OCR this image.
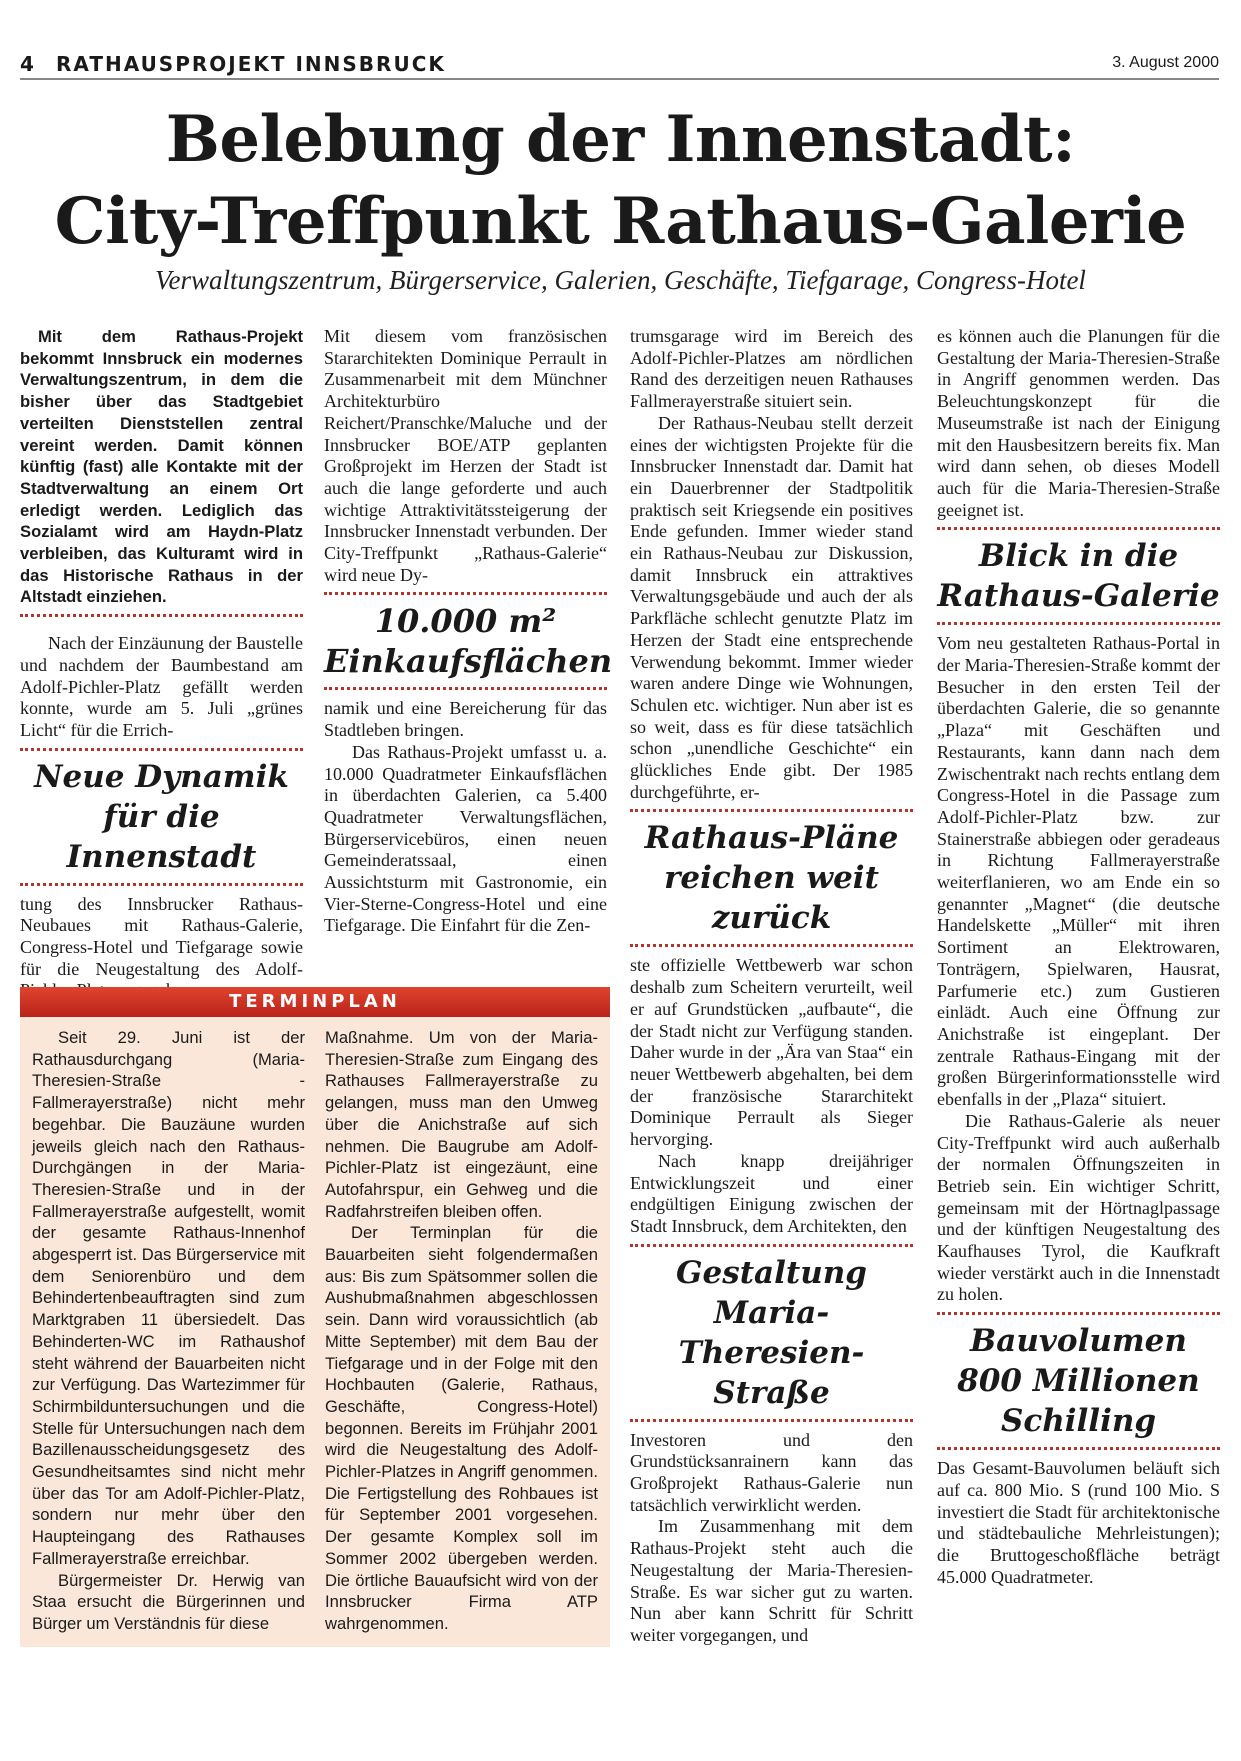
4 RATHAUSPROJEKT INNSBRUCK	3. August 2000
Belebung der Innenstadt:
City-Treffpunkt Rathaus-Galerie
Verwaltungszentrum, Bürgerservice, Galerien, Geschäfte, Tiefgarage, Congress-Hotel

Mit dem Rathaus-Projekt bekommt Innsbruck ein modernes Verwaltungszentrum, in dem die bisher über das Stadtgebiet verteilten Dienststellen zentral vereint werden. Damit können künftig (fast) alle Kontakte mit der Stadtverwaltung an einem Ort erledigt werden. Lediglich das Sozialamt wird am Haydn-Platz verbleiben, das Kulturamt wird in das Historische Rathaus in der Altstadt einziehen.

Nach der Einzäunung der Baustelle und nachdem der Baumbestand am Adolf-Pichler-Platz gefällt werden konnte, wurde am 5. Juli „grünes Licht“ für die Errich-

Neue Dynamik für die Innenstadt

tung des Innsbrucker Rathaus-Neubaues mit Rathaus-Galerie, Congress-Hotel und Tiefgarage sowie für die Neugestaltung des Adolf-

Mit diesem vom französischen Stararchitekten Dominique Perrault in Zusammenarbeit mit dem Münchner Architekturbüro Reichert/Pranschke/Maluche und der Innsbrucker BOE/ATP geplanten Großprojekt im Herzen der Stadt ist auch die lange geforderte und auch wichtige Attraktivitätssteigerung der Innsbrucker Innenstadt verbunden. Der City-Treffpunkt „Rathaus-Galerie“ wird neue Dy-

10.000 m² Einkaufsflächen

namik und eine Bereicherung für das Stadtleben bringen.

Das Rathaus-Projekt umfasst u. a. 10.000 Quadratmeter Einkaufsflächen in überdachten Galerien, ca 5.400 Quadratmeter Verwaltungsflächen, Bürgerservicebüros, einen neuen Gemeinderatssaal, einen Aussichtsturm mit Gastronomie, ein Vier-Sterne-Congress-Hotel und eine Tiefgarage. Die Einfahrt für die Zen-

trumsgarage wird im Bereich des Adolf-Pichler-Platzes am nördlichen Rand des derzeitigen neuen Rathauses Fallmerayerstraße situiert sein.

Der Rathaus-Neubau stellt derzeit eines der wichtigsten Projekte für die Innsbrucker Innenstadt dar. Damit hat ein Dauerbrenner der Stadtpolitik praktisch seit Kriegsende ein positives Ende gefunden. Immer wieder stand ein Rathaus-Neubau zur Diskussion, damit Innsbruck ein attraktives Verwaltungsgebäude und auch der als Parkfläche schlecht genutzte Platz im Herzen der Stadt eine entsprechende Verwendung bekommt. Immer wieder waren andere Dinge wie Wohnungen, Schulen etc. wichtiger. Nun aber ist es so weit, dass es für diese tatsächlich schon „unendliche Geschichte“ ein glückliches Ende gibt. Der 1985 durchgeführte, er-

Rathaus-Pläne reichen weit zurück

ste offizielle Wettbewerb war schon deshalb zum Scheitern verurteilt, weil er auf Grundstücken „aufbaute“, die der Stadt nicht zur Verfügung standen. Daher wurde in der „Ära van Staa“ ein neuer Wettbewerb abgehalten, bei dem der französische Stararchitekt Dominique Perrault als Sieger hervorging.

Nach knapp dreijähriger Entwicklungszeit und einer endgültigen Einigung zwischen der Stadt Innsbruck, dem Architekten, den

Gestaltung Maria-Theresien-Straße

Investoren und den Grundstücksanrainern kann das Großprojekt Rathaus-Galerie nun tatsächlich verwirklicht werden.

Im Zusammenhang mit dem Rathaus-Projekt steht auch die Neugestaltung der Maria-Theresien-Straße. Es war sicher gut zu warten. Nun aber kann Schritt für Schritt weiter vorgegangen, und

es können auch die Planungen für die Gestaltung der Maria-Theresien-Straße in Angriff genommen werden. Das Beleuchtungskonzept für die Museumstraße ist nach der Einigung mit den Hausbesitzern bereits fix. Man wird dann sehen, ob dieses Modell auch für die Maria-Theresien-Straße geeignet ist.

Blick in die Rathaus-Galerie

Vom neu gestalteten Rathaus-Portal in der Maria-Theresien-Straße kommt der Besucher in den ersten Teil der überdachten Galerie, die so genannte „Plaza“ mit Geschäften und Restaurants, kann dann nach dem Zwischentrakt nach rechts entlang dem Congress-Hotel in die Passage zum Adolf-Pichler-Platz bzw. zur Stainerstraße abbiegen oder geradeaus in Richtung Fallmerayerstraße weiterflanieren, wo am Ende ein so genannter „Magnet“ (die deutsche Handelskette „Müller“ mit ihren Sortiment an Elektrowaren, Tonträgern, Spielwaren, Hausrat, Parfumerie etc.) zum Gustieren einlädt. Auch eine Öffnung zur Anichstraße ist eingeplant. Der zentrale Rathaus-Eingang mit der großen Bürgerinformationsstelle wird ebenfalls in der „Plaza“ situiert.

Die Rathaus-Galerie als neuer City-Treffpunkt wird auch außerhalb der normalen Öffnungszeiten in Betrieb sein. Ein wichtiger Schritt, gemeinsam mit der Hörtnaglpassage und der künftigen Neugestaltung des Kaufhauses Tyrol, die Kaufkraft wieder verstärkt auch in die Innenstadt zu holen.

Bauvolumen 800 Millionen Schilling

Das Gesamt-Bauvolumen beläuft sich auf ca. 800 Mio. S (rund 100 Mio. S investiert die Stadt für architektonische und städtebauliche Mehrleistungen); die Bruttogeschoßfläche beträgt 45.000 Quadratmeter.

TERMINPLAN

Seit 29. Juni ist der Rathausdurchgang (Maria-Theresien-Straße - Fallmerayerstraße) nicht mehr begehbar. Die Bauzäune wurden jeweils gleich nach den Rathaus-Durchgängen in der Maria-Theresien-Straße und in der Fallmerayerstraße aufgestellt, womit der gesamte Rathaus-Innenhof abgesperrt ist. Das Bürgerservice mit dem Seniorenbüro und dem Behindertenbeauftragten sind zum Marktgraben 11 übersiedelt. Das Behinderten-WC im Rathaushof steht während der Bauarbeiten nicht zur Verfügung. Das Wartezimmer für Schirmbilduntersuchungen und die Stelle für Untersuchungen nach dem Bazillenausscheidungsgesetz des Gesundheitsamtes sind nicht mehr über das Tor am Adolf-Pichler-Platz, sondern nur mehr über den Haupteingang des Rathauses Fallmerayerstraße erreichbar.

Bürgermeister Dr. Herwig van Staa ersucht die Bürgerinnen und Bürger um Verständnis für diese

Maßnahme. Um von der Maria-Theresien-Straße zum Eingang des Rathauses Fallmerayerstraße zu gelangen, muss man den Umweg über die Anichstraße auf sich nehmen. Die Baugrube am Adolf-Pichler-Platz ist eingezäunt, eine Autofahrspur, ein Gehweg und die Radfahrstreifen bleiben offen.

Der Terminplan für die Bauarbeiten sieht folgendermaßen aus: Bis zum Spätsommer sollen die Aushubmaßnahmen abgeschlossen sein. Dann wird voraussichtlich (ab Mitte September) mit dem Bau der Tiefgarage und in der Folge mit den Hochbauten (Galerie, Rathaus, Geschäfte, Congress-Hotel) begonnen. Bereits im Frühjahr 2001 wird die Neugestaltung des Adolf-Pichler-Platzes in Angriff genommen. Die Fertigstellung des Rohbaues ist für September 2001 vorgesehen. Der gesamte Komplex soll im Sommer 2002 übergeben werden. Die örtliche Bauaufsicht wird von der Innsbrucker Firma ATP wahrgenommen.
